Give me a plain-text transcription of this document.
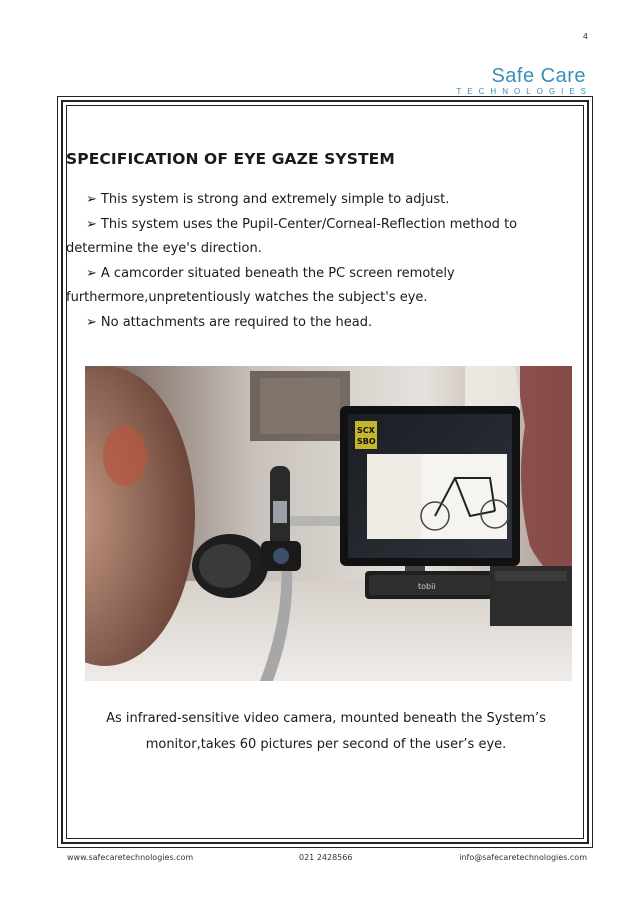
4
Safe Care
TECHNOLOGIES
SPECIFICATION OF EYE GAZE SYSTEM
➢ This system is strong and extremely simple to adjust.
➢ This system uses the Pupil-Center/Corneal-Reflection method to
determine the eye's direction.
➢ A camcorder situated beneath the PC screen remotely
furthermore,unpretentiously watches the subject's eye.
➢ No attachments are required to the head.
SCX
SBO
tobii
As infrared-sensitive video camera, mounted beneath the System’s
monitor,takes 60 pictures per second of the user’s eye.
www.safecaretechnologies.com	021 2428566	info@safecaretechnologies.com
